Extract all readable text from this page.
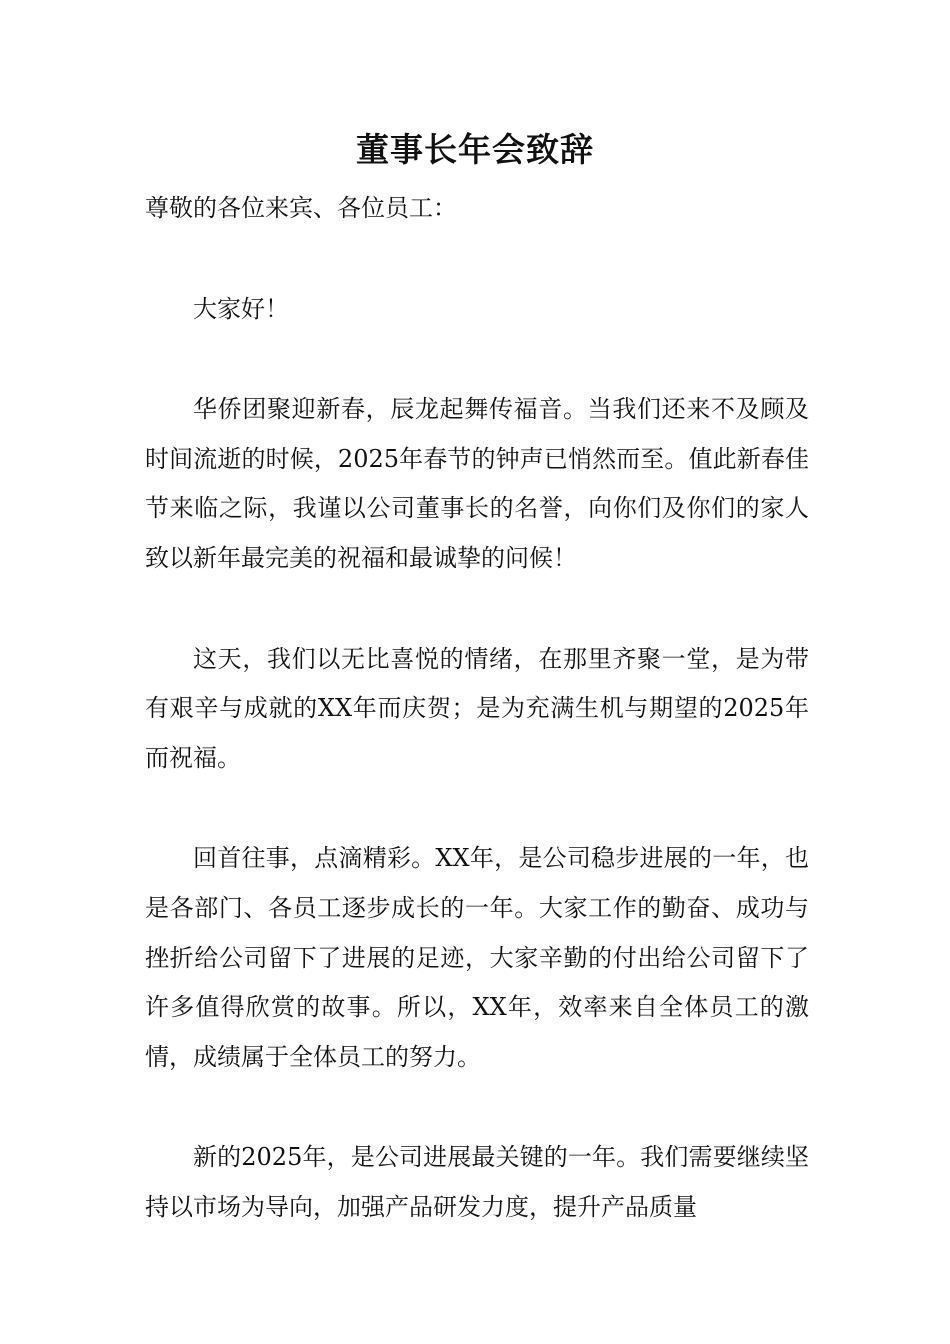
董事长年会致辞

尊敬的各位来宾、各位员工：

大家好！

华侨团聚迎新春，辰龙起舞传福音。当我们还来不及顾及时间流逝的时候，2025年春节的钟声已悄然而至。值此新春佳节来临之际，我谨以公司董事长的名誉，向你们及你们的家人致以新年最完美的祝福和最诚挚的问候！

这天，我们以无比喜悦的情绪，在那里齐聚一堂，是为带有艰辛与成就的XX年而庆贺；是为充满生机与期望的2025年而祝福。

回首往事，点滴精彩。XX年，是公司稳步进展的一年，也是各部门、各员工逐步成长的一年。大家工作的勤奋、成功与挫折给公司留下了进展的足迹，大家辛勤的付出给公司留下了许多值得欣赏的故事。所以，XX年，效率来自全体员工的激情，成绩属于全体员工的努力。

新的2025年，是公司进展最关键的一年。我们需要继续坚持以市场为导向，加强产品研发力度，提升产品质量
